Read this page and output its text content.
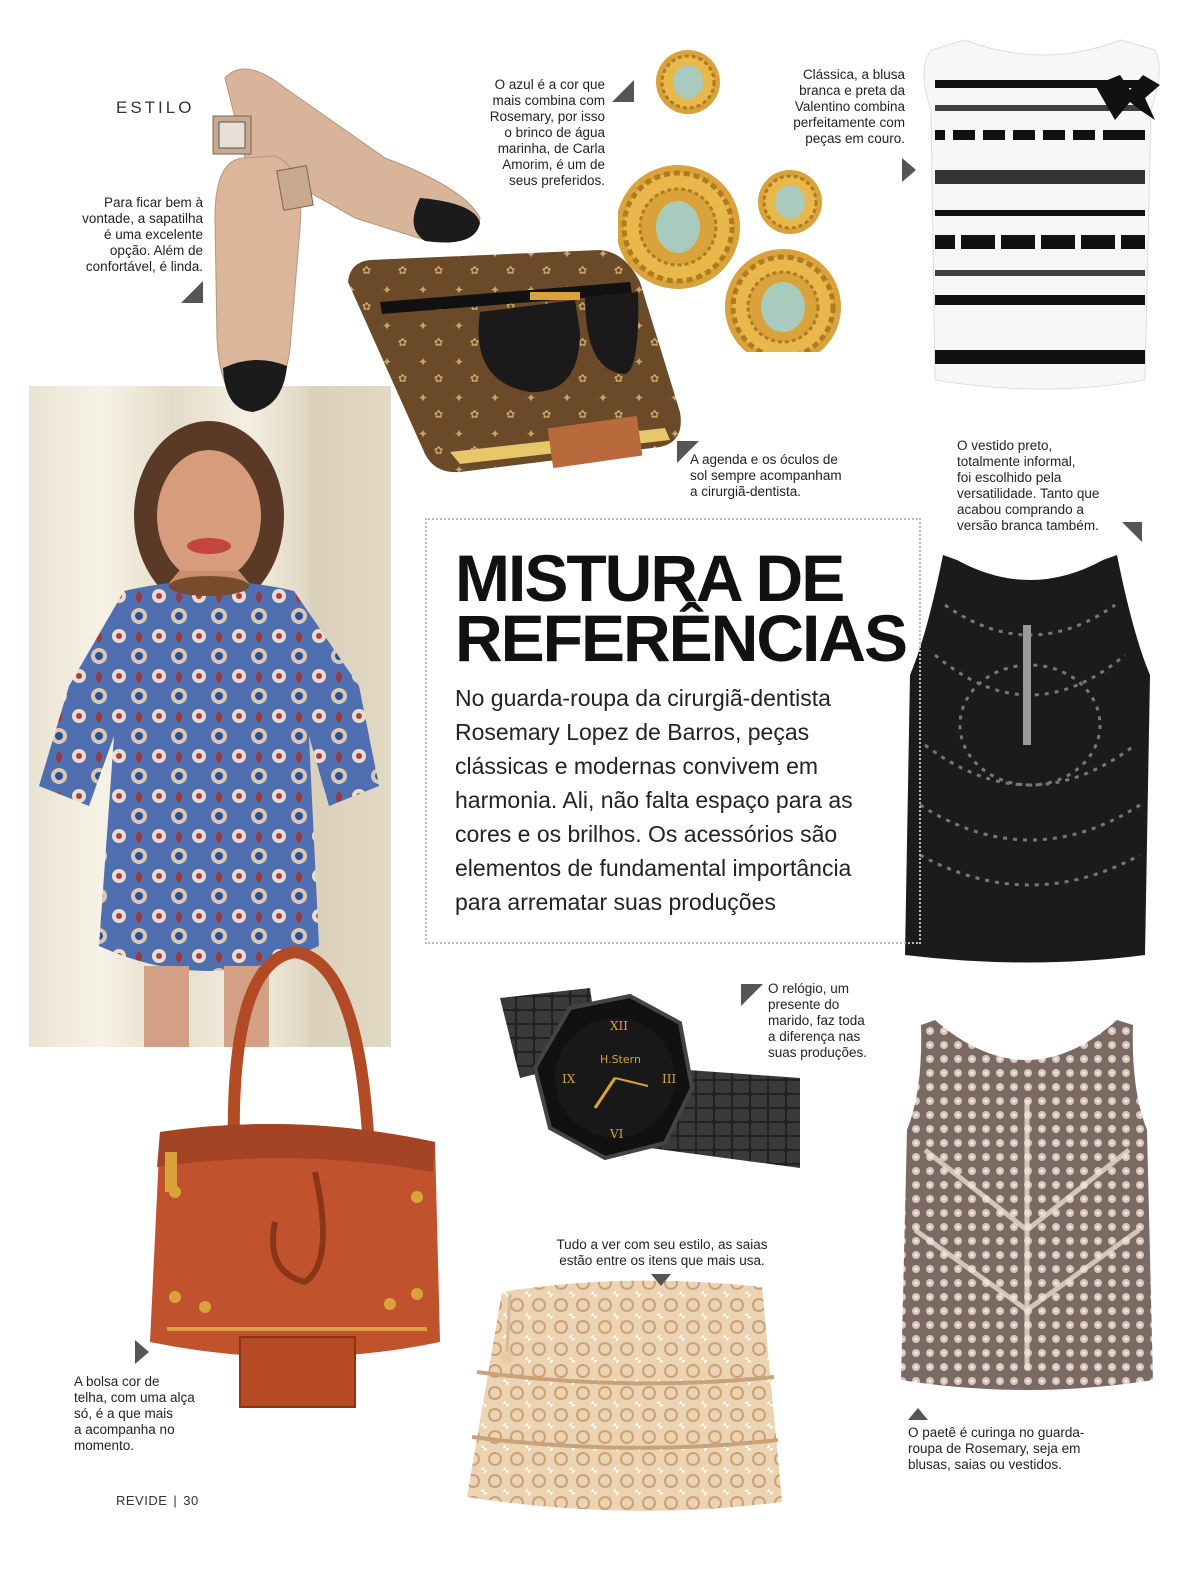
ESTILO
XII
III
VI
IX
H.Stern
Para ficar bem à
vontade, a sapatilha
é uma excelente
opção. Além de
confortável, é linda.
O azul é a cor que
mais combina com
Rosemary, por isso
o brinco de água
marinha, de Carla
Amorim, é um de
seus preferidos.
Clássica, a blusa
branca e preta da
Valentino combina
perfeitamente com
peças em couro.
A agenda e os óculos de
sol sempre acompanham
a cirurgiã-dentista.
O vestido preto,
totalmente informal,
foi escolhido pela
versatilidade. Tanto que
acabou comprando a
versão branca também.
O relógio, um
presente do
marido, faz toda
a diferença nas
suas produções.
Tudo a ver com seu estilo, as saias
estão entre os itens que mais usa.
A bolsa cor de
telha, com uma alça
só, é a que mais
a acompanha no
momento.
O paetê é curinga no guarda-
roupa de Rosemary, seja em
blusas, saias ou vestidos.
MISTURA DE
REFERÊNCIAS
No guarda-roupa da cirurgiã-dentista Rosemary Lopez de Barros, peças clássicas e modernas convivem em harmonia. Ali, não falta espaço para as cores e os brilhos. Os acessórios são elementos de fundamental importância para arrematar suas produções
REVIDE | 30
